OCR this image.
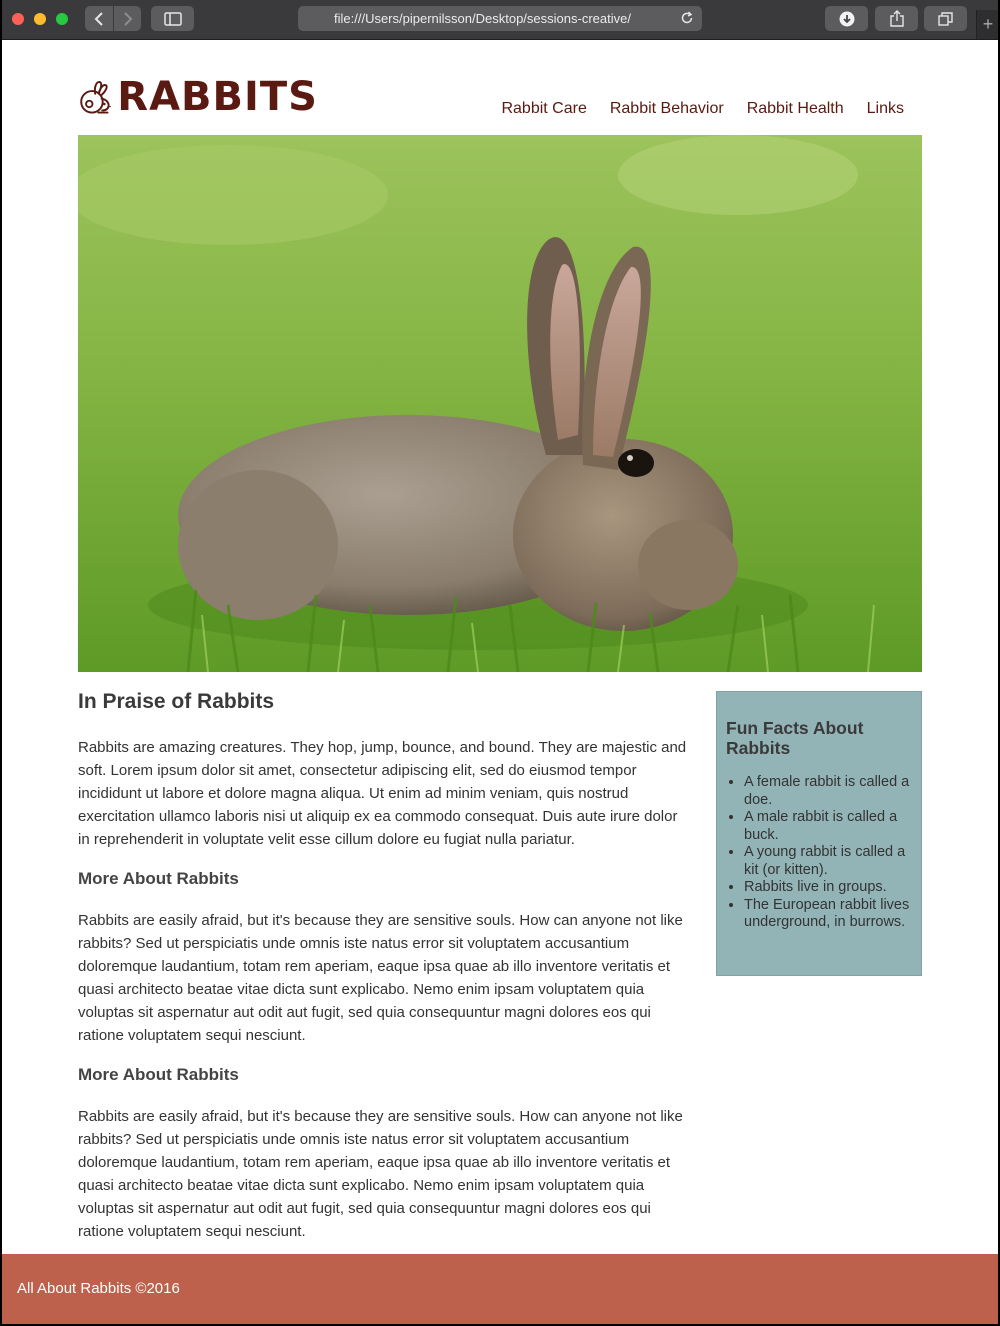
file:///Users/pipernilsson/Desktop/sessions-creative/	+
RABBITS	Rabbit Care Rabbit Behavior Rabbit Health Links
In Praise of Rabbits

Rabbits are amazing creatures. They hop, jump, bounce, and bound. They are majestic and soft. Lorem ipsum dolor sit amet, consectetur adipiscing elit, sed do eiusmod tempor incididunt ut labore et dolore magna aliqua. Ut enim ad minim veniam, quis nostrud exercitation ullamco laboris nisi ut aliquip ex ea commodo consequat. Duis aute irure dolor in reprehenderit in voluptate velit esse cillum dolore eu fugiat nulla pariatur.

More About Rabbits

Rabbits are easily afraid, but it's because they are sensitive souls. How can anyone not like rabbits? Sed ut perspiciatis unde omnis iste natus error sit voluptatem accusantium doloremque laudantium, totam rem aperiam, eaque ipsa quae ab illo inventore veritatis et quasi architecto beatae vitae dicta sunt explicabo. Nemo enim ipsam voluptatem quia voluptas sit aspernatur aut odit aut fugit, sed quia consequuntur magni dolores eos qui ratione voluptatem sequi nesciunt.

More About Rabbits

Rabbits are easily afraid, but it's because they are sensitive souls. How can anyone not like rabbits? Sed ut perspiciatis unde omnis iste natus error sit voluptatem accusantium doloremque laudantium, totam rem aperiam, eaque ipsa quae ab illo inventore veritatis et quasi architecto beatae vitae dicta sunt explicabo. Nemo enim ipsam voluptatem quia voluptas sit aspernatur aut odit aut fugit, sed quia consequuntur magni dolores eos qui ratione voluptatem sequi nesciunt.

Fun Facts About Rabbits
• A female rabbit is called a doe.
• A male rabbit is called a buck.
• A young rabbit is called a kit (or kitten).
• Rabbits live in groups.
• The European rabbit lives underground, in burrows.
All About Rabbits ©2016
